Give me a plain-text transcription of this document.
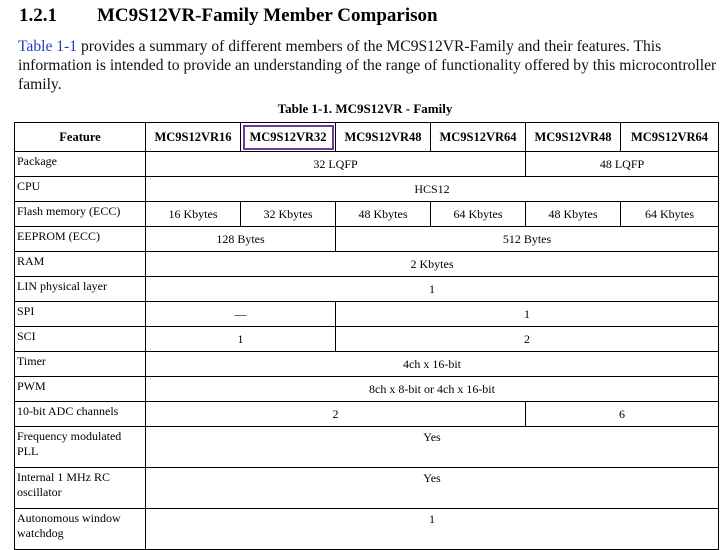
1.2.1 MC9S12VR-Family Member Comparison

Table 1-1 provides a summary of different members of the MC9S12VR-Family and their features. This information is intended to provide an understanding of the range of functionality offered by this microcontroller family.

Table 1-1. MC9S12VR - Family
Feature	MC9S12VR16	MC9S12VR32	MC9S12VR48	MC9S12VR64	MC9S12VR48	MC9S12VR64
Package	32 LQFP				48 LQFP	
CPU	HCS12					
Flash memory (ECC)	16 Kbytes	32 Kbytes	48 Kbytes	64 Kbytes	48 Kbytes	64 Kbytes
EEPROM (ECC)	128 Bytes		512 Bytes			
RAM	2 Kbytes					
LIN physical layer	1					
SPI	—		1			
SCI	1		2			
Timer	4ch x 16-bit					
PWM	8ch x 8-bit or 4ch x 16-bit					
10-bit ADC channels	2				6	
Frequency modulated PLL	Yes					
Internal 1 MHz RC oscillator	Yes					
Autonomous window watchdog	1					
